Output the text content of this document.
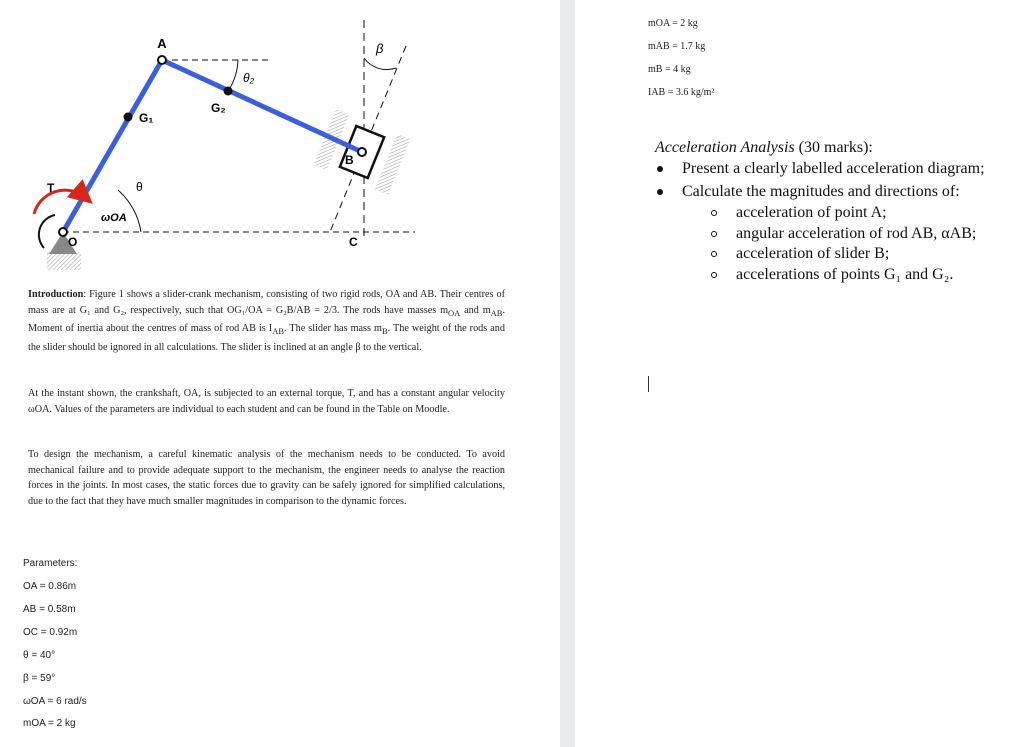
A
B
C
O
T
G₁
G₂
θ
θ₂
β
ωOA
Introduction: Figure 1 shows a slider-crank mechanism, consisting of two rigid rods, OA and AB. Their centres of mass are at G₁ and G₂, respectively, such that OG₁/OA = G₂B/AB = 2/3. The rods have masses $m_{OA}$ and $m_{AB}$. Moment of inertia about the centres of mass of rod AB is $I_{AB}$. The slider has mass $m_B$. The weight of the rods and the slider should be ignored in all calculations. The slider is inclined at an angle β to the vertical.
At the instant shown, the crankshaft, OA, is subjected to an external torque, T, and has a constant angular velocity ωOA. Values of the parameters are individual to each student and can be found in the Table on Moodle.
To design the mechanism, a careful kinematic analysis of the mechanism needs to be conducted. To avoid mechanical failure and to provide adequate support to the mechanism, the engineer needs to analyse the reaction forces in the joints. In most cases, the static forces due to gravity can be safely ignored for simplified calculations, due to the fact that they have much smaller magnitudes in comparison to the dynamic forces.
Parameters:
OA = 0.86m
AB = 0.58m
OC = 0.92m
θ = 40°
β = 59°
ωOA = 6 rad/s
mOA = 2 kg
mOA = 2 kg
mAB = 1.7 kg
mB = 4 kg
IAB = 3.6 kg/m²
Acceleration Analysis (30 marks):
Present a clearly labelled acceleration diagram;
Calculate the magnitudes and directions of:
acceleration of point A;
angular acceleration of rod AB, αAB;
acceleration of slider B;
accelerations of points G₁ and G₂.
